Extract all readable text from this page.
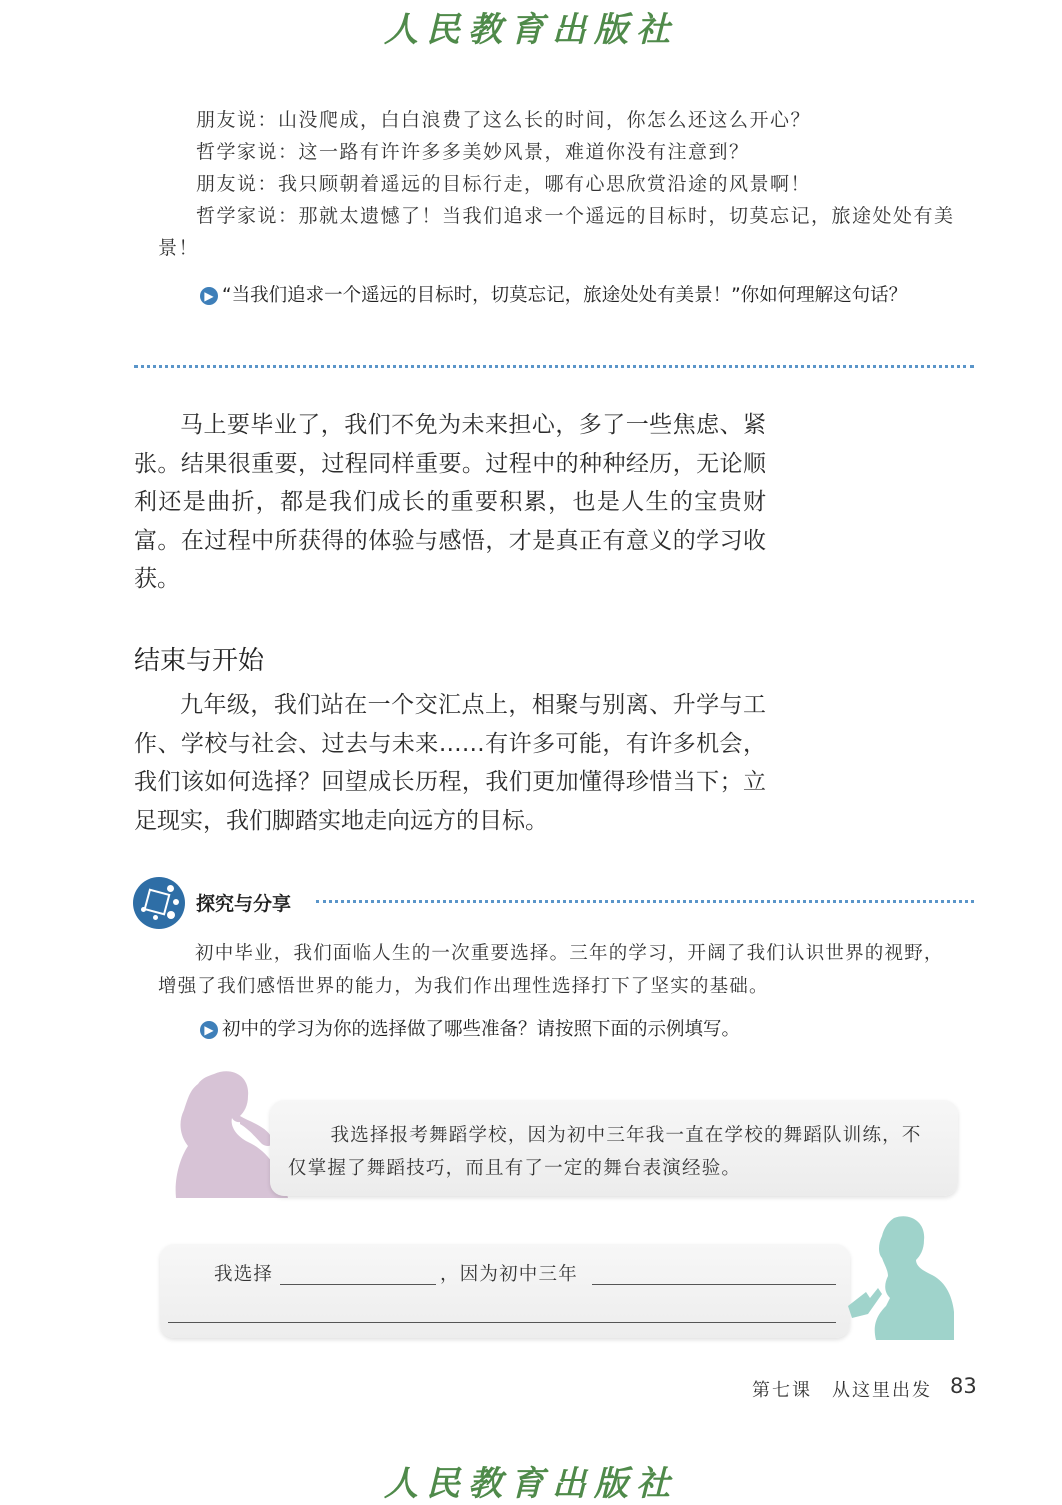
人民教育出版社

朋友说：山没爬成，白白浪费了这么长的时间，你怎么还这么开心？

哲学家说：这一路有许许多多美妙风景，难道你没有注意到？

朋友说：我只顾朝着遥远的目标行走，哪有心思欣赏沿途的风景啊！

哲学家说：那就太遗憾了！当我们追求一个遥远的目标时，切莫忘记，旅途处处有美景！

▶ “当我们追求一个遥远的目标时，切莫忘记，旅途处处有美景！”你如何理解这句话？

马上要毕业了，我们不免为未来担心，多了一些焦虑、紧张。结果很重要，过程同样重要。过程中的种种经历，无论顺利还是曲折，都是我们成长的重要积累，也是人生的宝贵财富。在过程中所获得的体验与感悟，才是真正有意义的学习收获。

结束与开始

九年级，我们站在一个交汇点上，相聚与别离、升学与工作、学校与社会、过去与未来……有许多可能，有许多机会，我们该如何选择？回望成长历程，我们更加懂得珍惜当下；立足现实，我们脚踏实地走向远方的目标。

探究与分享

初中毕业，我们面临人生的一次重要选择。三年的学习，开阔了我们认识世界的视野，增强了我们感悟世界的能力，为我们作出理性选择打下了坚实的基础。

▶ 初中的学习为你的选择做了哪些准备？请按照下面的示例填写。

我选择报考舞蹈学校，因为初中三年我一直在学校的舞蹈队训练，不仅掌握了舞蹈技巧，而且有了一定的舞台表演经验。

我选择	，因为初中三年
第七课　从这里出发 83
人民教育出版社
